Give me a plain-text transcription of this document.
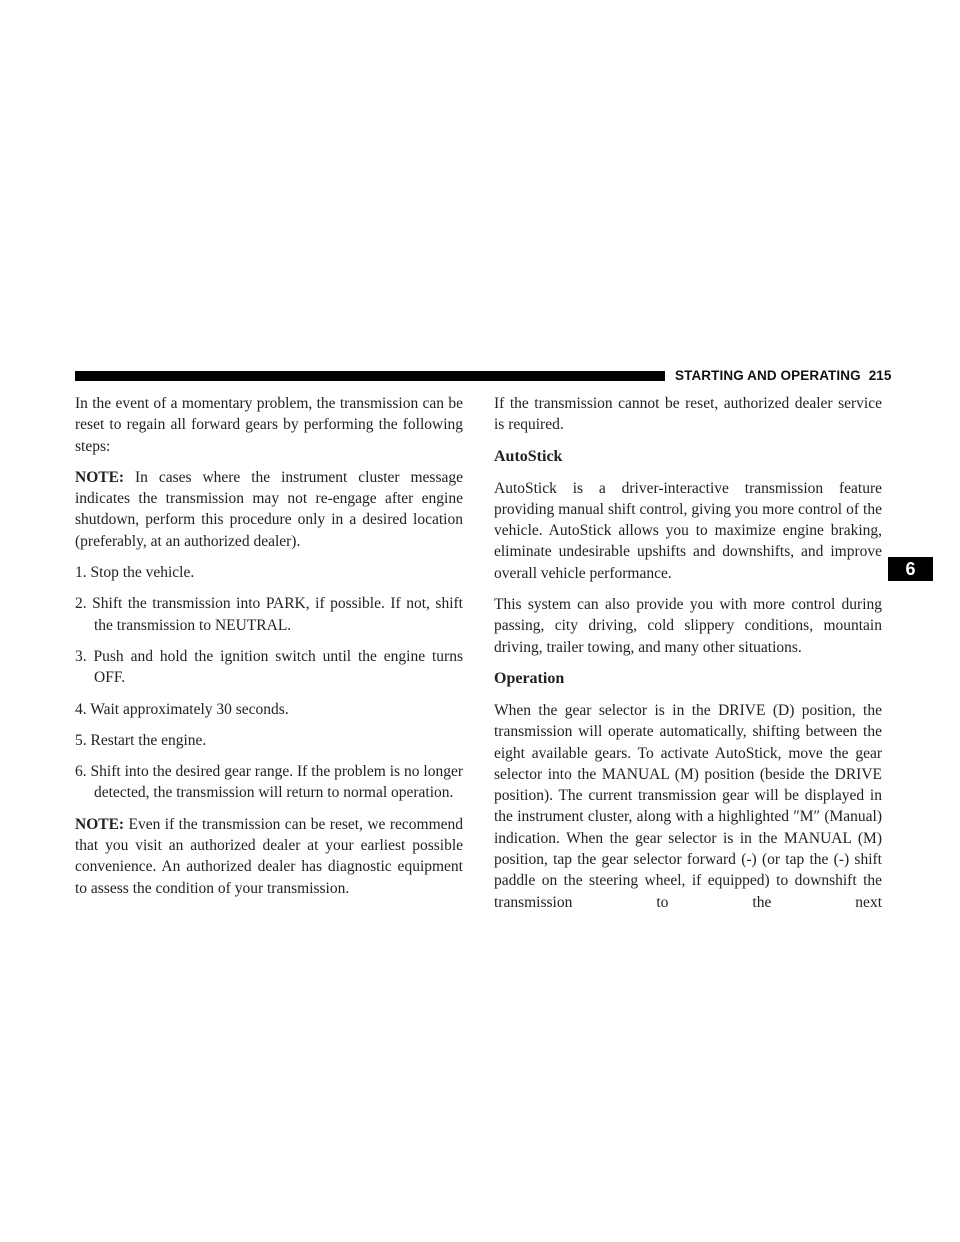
STARTING AND OPERATING 215
6

In the event of a momentary problem, the transmission can be reset to regain all forward gears by performing the following steps:

NOTE: In cases where the instrument cluster message indicates the transmission may not re-engage after engine shutdown, perform this procedure only in a desired location (preferably, at an authorized dealer).

1. Stop the vehicle.

2. Shift the transmission into PARK, if possible. If not, shift the transmission to NEUTRAL.

3. Push and hold the ignition switch until the engine turns OFF.

4. Wait approximately 30 seconds.

5. Restart the engine.

6. Shift into the desired gear range. If the problem is no longer detected, the transmission will return to normal operation.

NOTE: Even if the transmission can be reset, we recommend that you visit an authorized dealer at your earliest possible convenience. An authorized dealer has diagnostic equipment to assess the condition of your transmission.

If the transmission cannot be reset, authorized dealer service is required.

AutoStick

AutoStick is a driver-interactive transmission feature providing manual shift control, giving you more control of the vehicle. AutoStick allows you to maximize engine braking, eliminate undesirable upshifts and downshifts, and improve overall vehicle performance.

This system can also provide you with more control during passing, city driving, cold slippery conditions, mountain driving, trailer towing, and many other situations.

Operation

When the gear selector is in the DRIVE (D) position, the transmission will operate automatically, shifting between the eight available gears. To activate AutoStick, move the gear selector into the MANUAL (M) position (beside the DRIVE position). The current transmission gear will be displayed in the instrument cluster, along with a highlighted ″M″ (Manual) indication. When the gear selector is in the MANUAL (M) position, tap the gear selector forward (-) (or tap the (-) shift paddle on the steering wheel, if equipped) to downshift the transmission to the next
